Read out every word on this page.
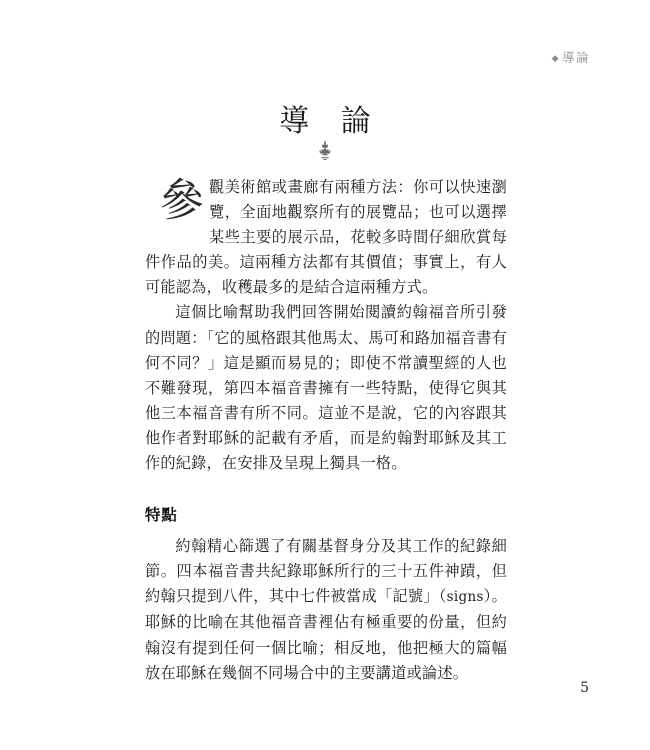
◆ 導論
導 論

參觀美術館或畫廊有兩種方法：你可以快速瀏覽，全面地觀察所有的展覽品；也可以選擇某些主要的展示品，花較多時間仔細欣賞每件作品的美。這兩種方法都有其價值；事實上，有人可能認為，收穫最多的是結合這兩種方式。

這個比喻幫助我們回答開始閱讀約翰福音所引發的問題：「它的風格跟其他馬太、馬可和路加福音書有何不同？」這是顯而易見的；即使不常讀聖經的人也不難發現，第四本福音書擁有一些特點，使得它與其他三本福音書有所不同。這並不是說，它的內容跟其他作者對耶穌的記載有矛盾，而是約翰對耶穌及其工作的紀錄，在安排及呈現上獨具一格。

特點

約翰精心篩選了有關基督身分及其工作的紀錄細節。四本福音書共紀錄耶穌所行的三十五件神蹟，但約翰只提到八件，其中七件被當成「記號」（signs）。耶穌的比喻在其他福音書裡佔有極重要的份量，但約翰沒有提到任何一個比喻；相反地，他把極大的篇幅放在耶穌在幾個不同場合中的主要講道或論述。

5
